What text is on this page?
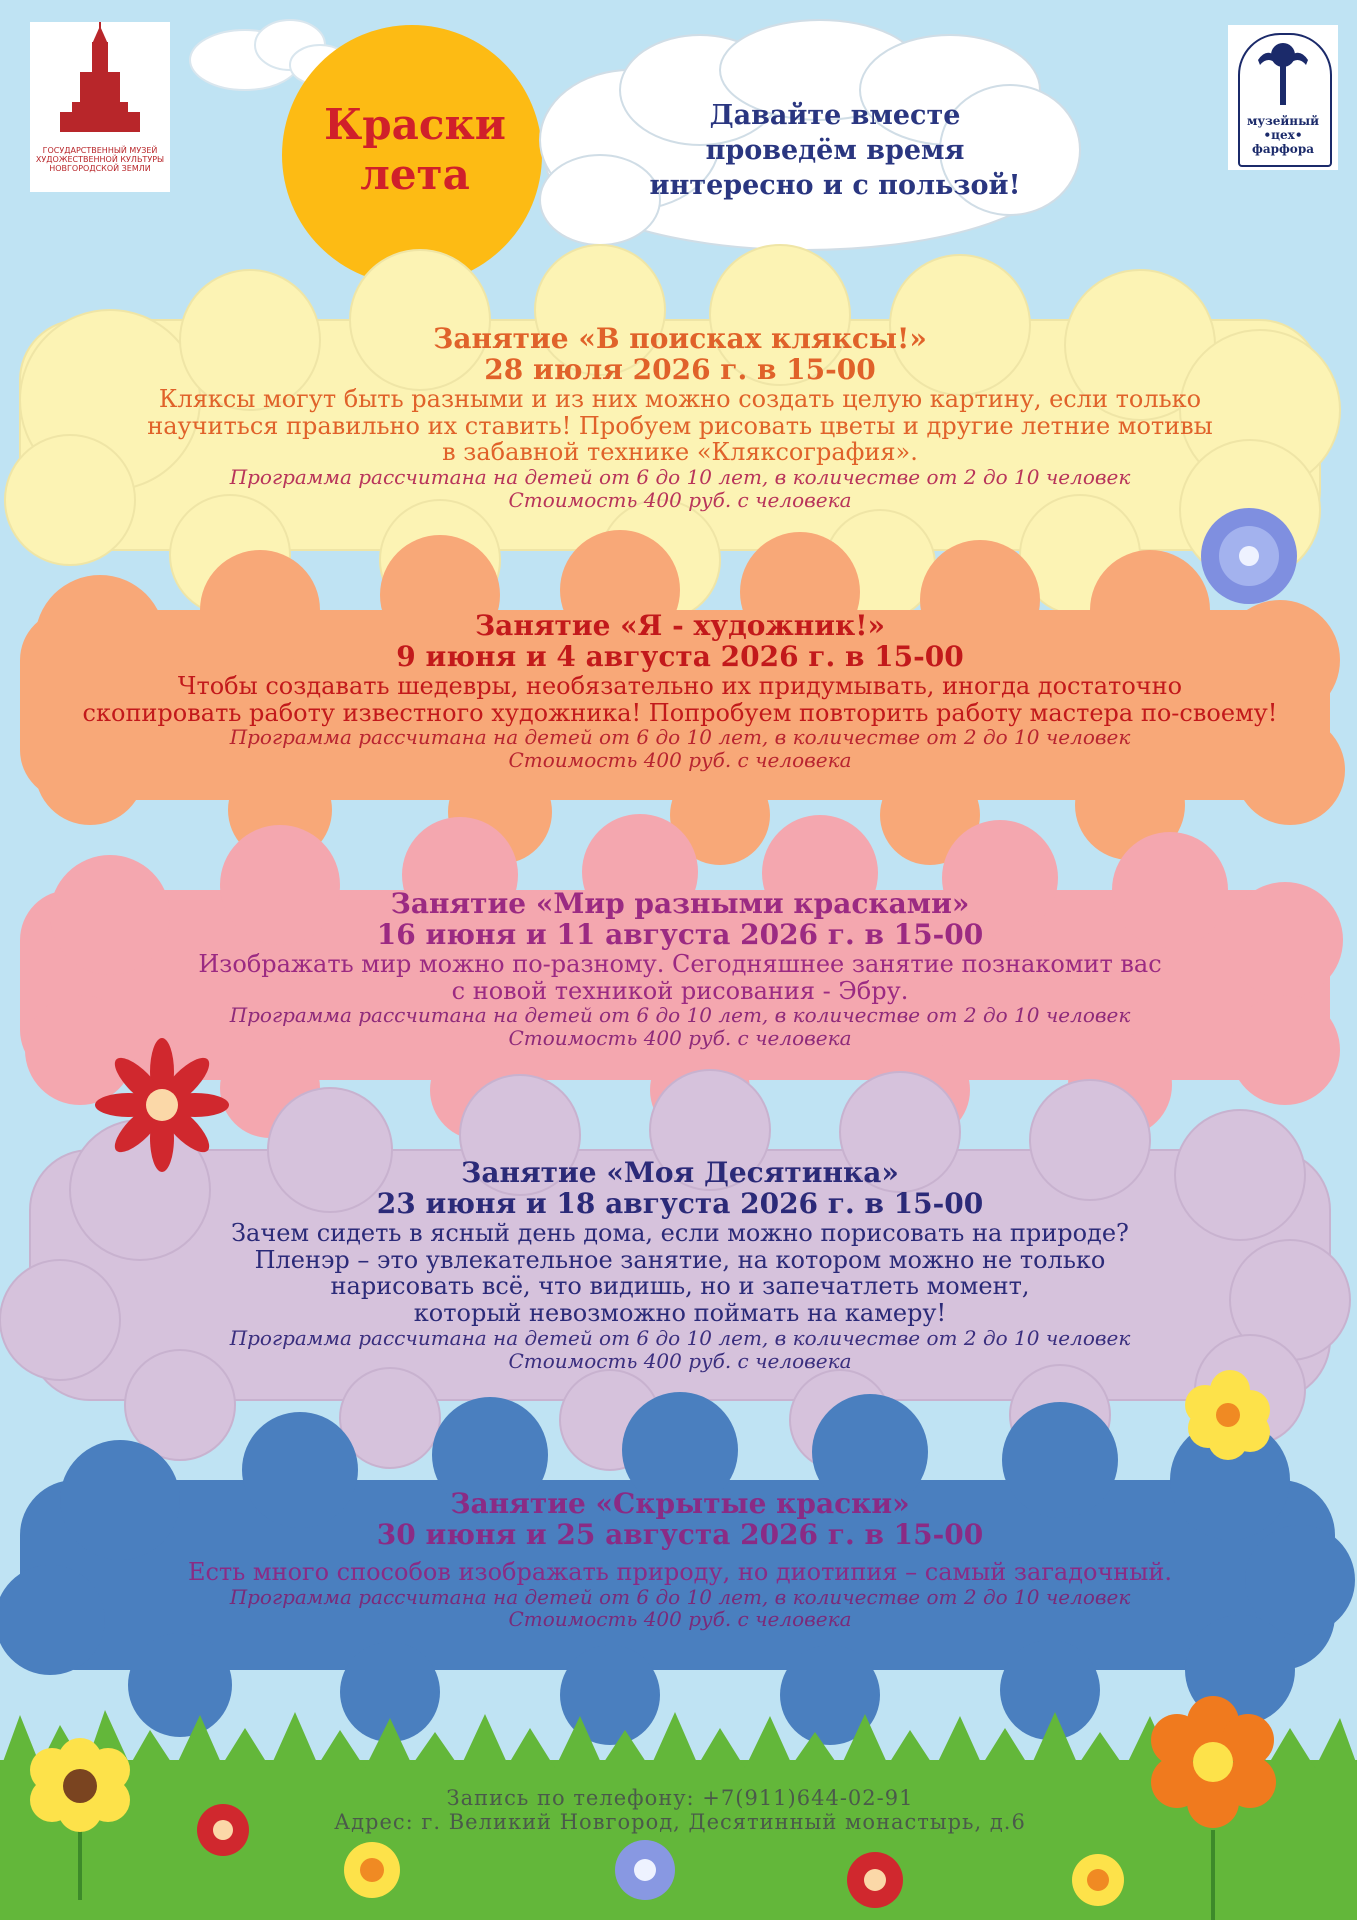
ГОСУДАРСТВЕННЫЙ МУЗЕЙ
ХУДОЖЕСТВЕННОЙ КУЛЬТУРЫ
НОВГОРОДСКОЙ ЗЕМЛИ
музейный
•цех•
фарфора
Краски
лета
Давайте вместе
проведём время
интересно и с пользой!
Занятие «В поисках кляксы!»
28 июля 2026 г. в 15-00
Кляксы могут быть разными и из них можно создать целую картину, если только
научиться правильно их ставить! Пробуем рисовать цветы и другие летние мотивы
в забавной технике «Кляксография».
Программа рассчитана на детей от 6 до 10 лет, в количестве от 2 до 10 человек
Стоимость 400 руб. с человека
Занятие «Я - художник!»
9 июня и 4 августа 2026 г. в 15-00
Чтобы создавать шедевры, необязательно их придумывать, иногда достаточно
скопировать работу известного художника! Попробуем повторить работу мастера по-своему!
Программа рассчитана на детей от 6 до 10 лет, в количестве от 2 до 10 человек
Стоимость 400 руб. с человека
Занятие «Мир разными красками»
16 июня и 11 августа 2026 г. в 15-00
Изображать мир можно по-разному. Сегодняшнее занятие познакомит вас
с новой техникой рисования - Эбру.
Программа рассчитана на детей от 6 до 10 лет, в количестве от 2 до 10 человек
Стоимость 400 руб. с человека
Занятие «Моя Десятинка»
23 июня и 18 августа 2026 г. в 15-00
Зачем сидеть в ясный день дома, если можно порисовать на природе?
Пленэр – это увлекательное занятие, на котором можно не только
нарисовать всё, что видишь, но и запечатлеть момент,
который невозможно поймать на камеру!
Программа рассчитана на детей от 6 до 10 лет, в количестве от 2 до 10 человек
Стоимость 400 руб. с человека
Занятие «Скрытые краски»
30 июня и 25 августа 2026 г. в 15-00
Есть много способов изображать природу, но диотипия – самый загадочный.
Программа рассчитана на детей от 6 до 10 лет, в количестве от 2 до 10 человек
Стоимость 400 руб. с человека
Запись по телефону: +7(911)644-02-91
Адрес: г. Великий Новгород, Десятинный монастырь, д.6
